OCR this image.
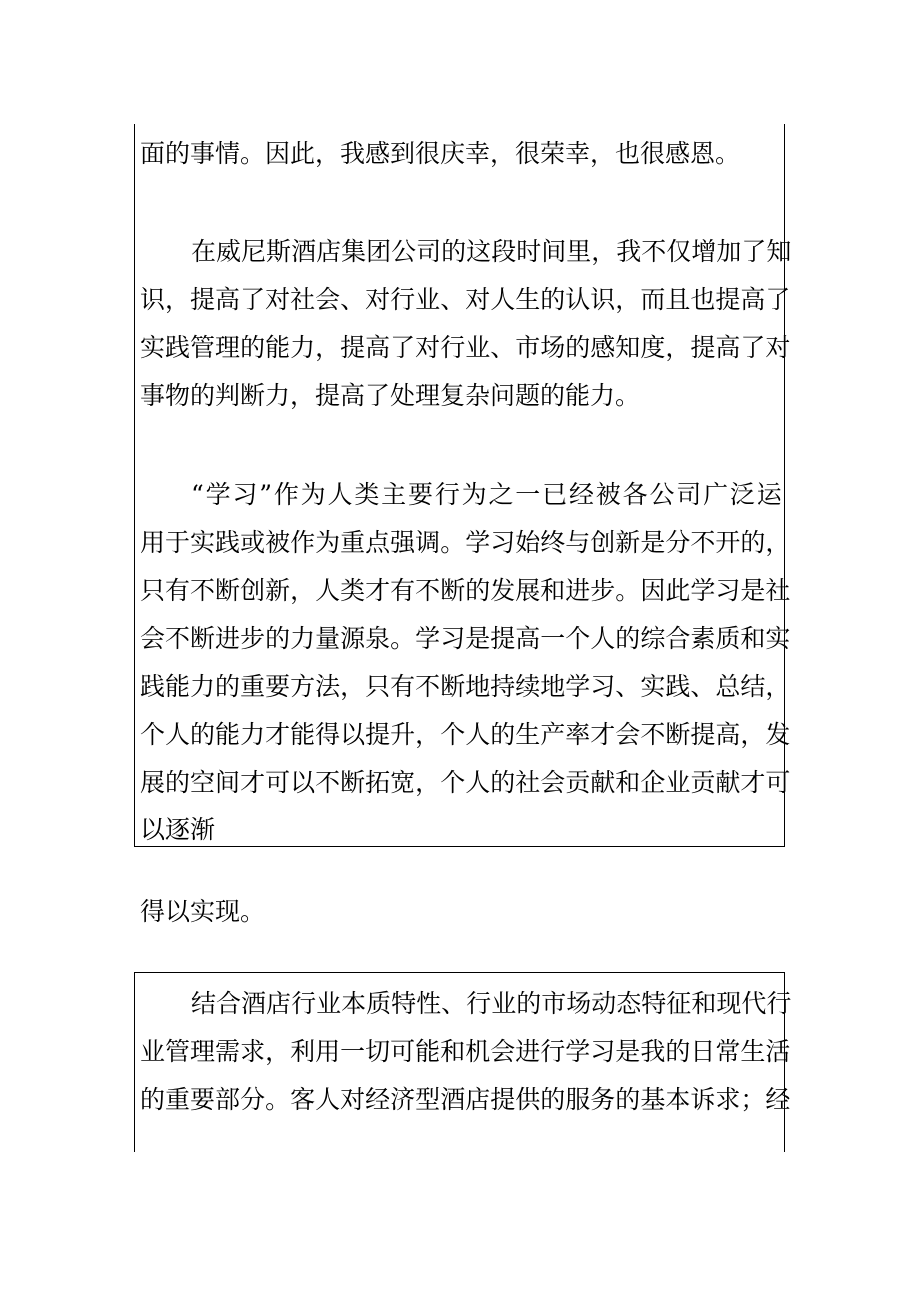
面的事情。因此，我感到很庆幸，很荣幸，也很感恩。
在 威 尼 斯 酒 店 集 团 公 司 的 这 段 时 间 里 ， 我 不 仅 增 加 了 知
识 ， 提 高 了 对 社 会 、 对 行 业 、 对 人 生 的 认 识 ， 而 且 也 提 高 了
实 践 管 理 的 能 力 ， 提 高 了 对 行 业 、 市 场 的 感 知 度 ， 提 高 了 对
事物的判断力，提高了处理复杂问题的能力。
“ 学 习 ” 作 为 人 类 主 要 行 为 之 一 已 经 被 各 公 司 广 泛 运
用 于 实 践 或 被 作 为 重 点 强 调 。 学 习 始 终 与 创 新 是 分 不 开 的 ，
只 有 不 断 创 新 ， 人 类 才 有 不 断 的 发 展 和 进 步 。 因 此 学 习 是 社
会 不 断 进 步 的 力 量 源 泉 。 学 习 是 提 高 一 个 人 的 综 合 素 质 和 实
践 能 力 的 重 要 方 法 ， 只 有 不 断 地 持 续 地 学 习 、 实 践 、 总 结 ，
个 人 的 能 力 才 能 得 以 提 升 ， 个 人 的 生 产 率 才 会 不 断 提 高 ， 发
展 的 空 间 才 可 以 不 断 拓 宽 ， 个 人 的 社 会 贡 献 和 企 业 贡 献 才 可
以逐渐
得以实现。
结 合 酒 店 行 业 本 质 特 性 、 行 业 的 市 场 动 态 特 征 和 现 代 行
业 管 理 需 求 ， 利 用 一 切 可 能 和 机 会 进 行 学 习 是 我 的 日 常 生 活
的 重 要 部 分 。 客 人 对 经 济 型 酒 店 提 供 的 服 务 的 基 本 诉 求 ； 经
